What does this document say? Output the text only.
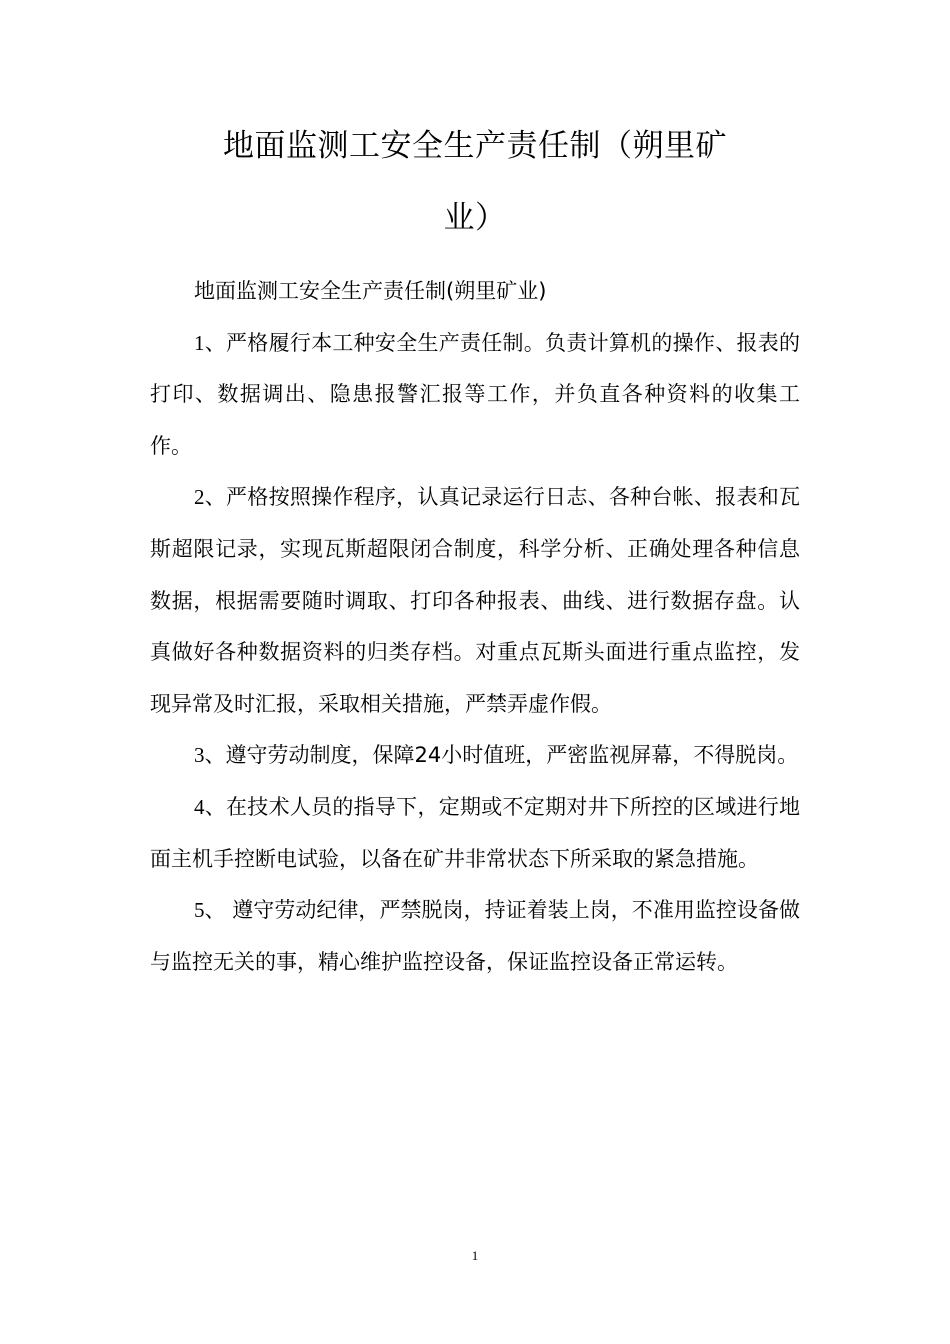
地面监测工安全生产责任制（朔里矿
业）

地面监测工安全生产责任制(朔里矿业)

1、严格履行本工种安全生产责任制。负责计算机的操作、报表的打印、数据调出、隐患报警汇报等工作，并负直各种资料的收集工作。

2、严格按照操作程序，认真记录运行日志、各种台帐、报表和瓦斯超限记录，实现瓦斯超限闭合制度，科学分析、正确处理各种信息数据，根据需要随时调取、打印各种报表、曲线、进行数据存盘。认真做好各种数据资料的归类存档。对重点瓦斯头面进行重点监控，发现异常及时汇报，采取相关措施，严禁弄虚作假。

3、遵守劳动制度，保障24小时值班，严密监视屏幕，不得脱岗。

4、在技术人员的指导下，定期或不定期对井下所控的区域进行地面主机手控断电试验，以备在矿井非常状态下所采取的紧急措施。

5、 遵守劳动纪律，严禁脱岗，持证着装上岗，不准用监控设备做与监控无关的事，精心维护监控设备，保证监控设备正常运转。

1
